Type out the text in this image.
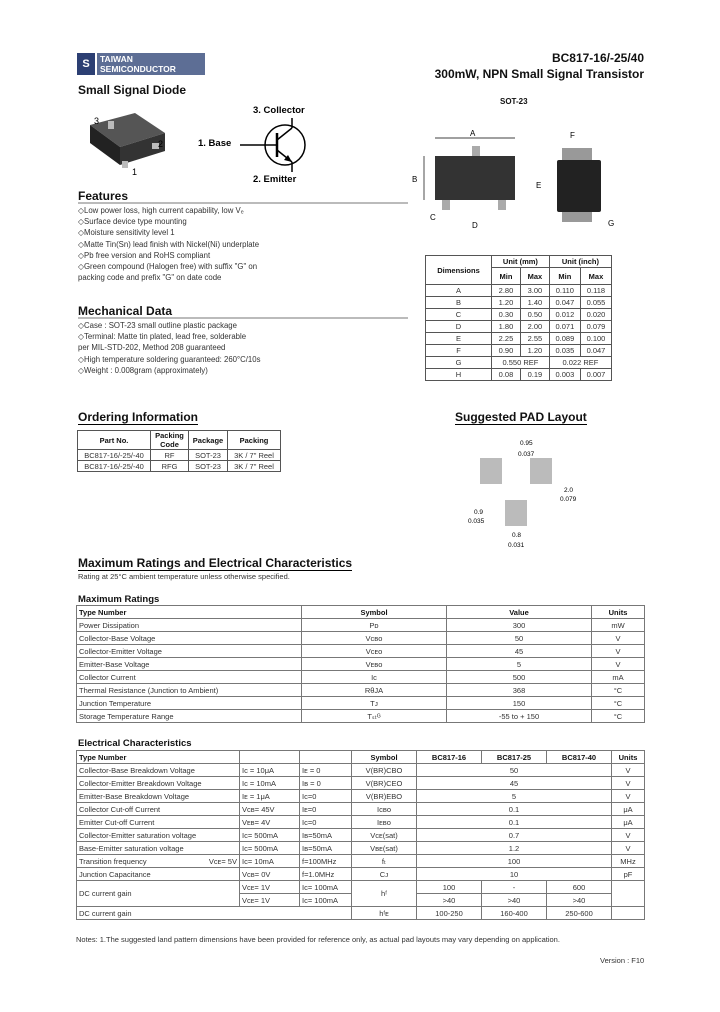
S	TAIWAN
SEMICONDUCTOR
BC817-16/-25/40
300mW, NPN Small Signal Transistor
Small Signal Diode
3
2
1
3. Collector
1. Base
2. Emitter
SOT-23
A
B
C
D
E
F
G
Features
◇Low power loss, high current capability, low Vₑ
◇Surface device type mounting
◇Moisture sensitivity level 1
◇Matte Tin(Sn) lead finish with Nickel(Ni) underplate
◇Pb free version and RoHS compliant
◇Green compound (Halogen free) with suffix "G" on
packing code and prefix "G" on date code
Mechanical Data
◇Case : SOT-23 small outline plastic package
◇Terminal: Matte tin plated, lead free, solderable
per MIL-STD-202, Method 208 guaranteed
◇High temperature soldering guaranteed: 260°C/10s
◇Weight : 0.008gram (approximately)
Dimensions	Unit (mm)		Unit (inch)	
	Min	Max	Min	Max
A	2.80	3.00	0.110	0.118
B	1.20	1.40	0.047	0.055
C	0.30	0.50	0.012	0.020
D	1.80	2.00	0.071	0.079
E	2.25	2.55	0.089	0.100
F	0.90	1.20	0.035	0.047
G	0.550 REF		0.022 REF	
H	0.08	0.19	0.003	0.007
Ordering Information
Part No.	Packing Code	Package	Packing
BC817-16/-25/-40	RF	SOT-23	3K / 7" Reel
BC817-16/-25/-40	RFG	SOT-23	3K / 7" Reel
Suggested PAD Layout
0.95
0.037
2.0
0.079
0.9
0.035
0.8
0.031
Maximum Ratings and Electrical Characteristics
Rating at 25°C ambient temperature unless otherwise specified.
Maximum Ratings
Type Number	Symbol	Value	Units
Power Dissipation	Pᴅ	300	mW
Collector-Base Voltage	Vᴄʙᴏ	50	V
Collector-Emitter Voltage	Vᴄᴇᴏ	45	V
Emitter-Base Voltage	Vᴇʙᴏ	5	V
Collector Current	Iᴄ	500	mA
Thermal Resistance (Junction to Ambient)	RθJA	368	°C
Junction Temperature	Tᴊ	150	°C
Storage Temperature Range	Tₛₜᴳ	-55 to + 150	°C
Electrical Characteristics
Type Number			Symbol	BC817-16	BC817-25	BC817-40	Units
Collector-Base Breakdown Voltage	Iᴄ = 10μA	Iᴇ = 0	V(BR)CBO	50			V
Collector-Emitter Breakdown Voltage	Iᴄ = 10mA	Iʙ = 0	V(BR)CEO	45			V
Emitter-Base Breakdown Voltage	Iᴇ = 1μA	Iᴄ=0	V(BR)EBO	5			V
Collector Cut-off Current	Vᴄʙ= 45V	Iᴇ=0	Iᴄʙᴏ	0.1			μA
Emitter Cut-off Current	Vᴇʙ= 4V	Iᴄ=0	Iᴇʙᴏ	0.1			μA
Collector-Emitter saturation voltage	Iᴄ= 500mA	Iʙ=50mA	Vᴄᴇ(sat)	0.7			V
Base-Emitter saturation voltage	Iᴄ= 500mA	Iʙ=50mA	Vʙᴇ(sat)	1.2			V
Transition frequency Vᴄᴇ= 5V	Iᴄ= 10mA	f=100MHz	fₜ	100			MHz
Junction Capacitance	Vᴄʙ= 0V	f=1.0MHz	Cᴊ	10			pF
DC current gain	Vᴄᴇ= 1V	Iᴄ= 100mA	hᶠ	100	-	600	
	Vᴄᴇ= 1V	Iᴄ= 100mA		>40	>40	>40	
DC current gain			hᶠᴇ	100-250	160-400	250-600	
Notes: 1.The suggested land pattern dimensions have been provided for reference only, as actual pad layouts may vary depending on application.
Version : F10
